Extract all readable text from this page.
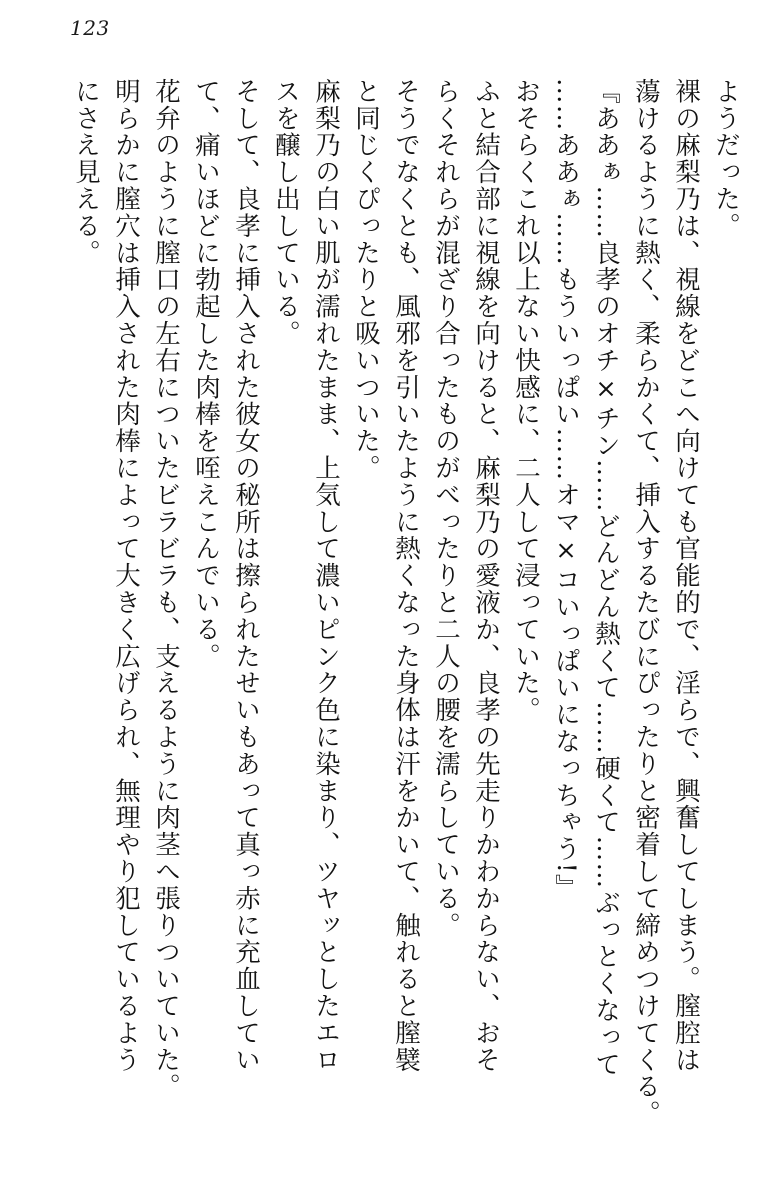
123
ようだった。
裸の麻梨乃は、視線をどこへ向けても官能的で、淫らで、興奮してしまう。膣腔は
蕩けるように熱く、柔らかくて、挿入するたびにぴったりと密着して締めつけてくる。
『ああぁ……良孝のオチ×チン……どんどん熱くて……硬くて……ぶっとくなって
……ああぁ……もういっぱい……オマ×コいっぱいになっちゃう!』
おそらくこれ以上ない快感に、二人して浸っていた。
ふと結合部に視線を向けると、麻梨乃の愛液か、良孝の先走りかわからない、おそ
らくそれらが混ざり合ったものがべったりと二人の腰を濡らしている。
そうでなくとも、風邪を引いたように熱くなった身体は汗をかいて、触れると膣襞
と同じくぴったりと吸いついた。
麻梨乃の白い肌が濡れたまま、上気して濃いピンク色に染まり、ツヤッとしたエロ
スを醸し出している。
そして、良孝に挿入された彼女の秘所は擦られたせいもあって真っ赤に充血してい
て、痛いほどに勃起した肉棒を咥えこんでいる。
花弁のように膣口の左右についたビラビラも、支えるように肉茎へ張りついていた。
明らかに膣穴は挿入された肉棒によって大きく広げられ、無理やり犯しているよう
にさえ見える。
